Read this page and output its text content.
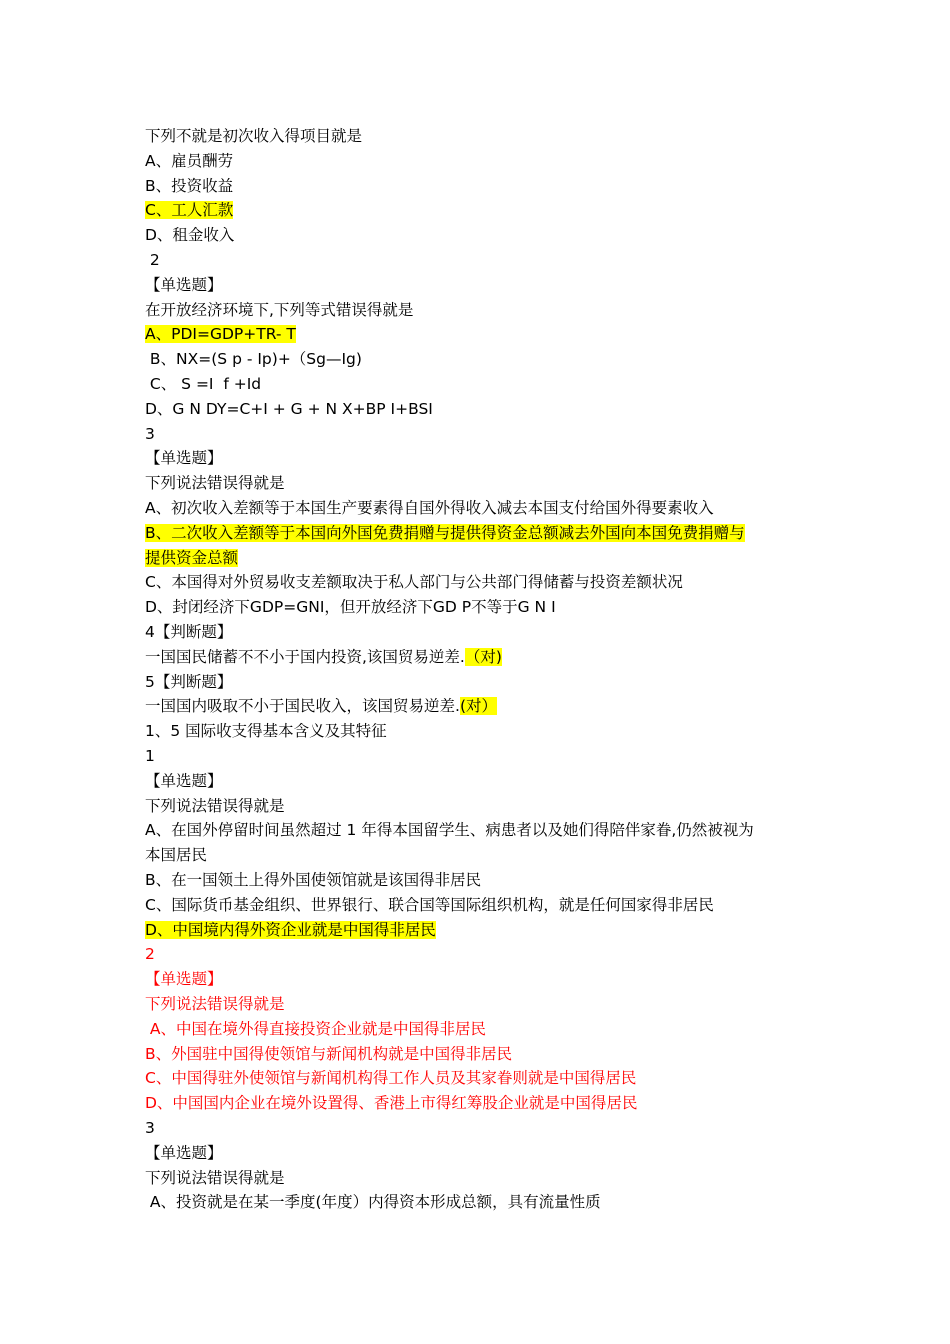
下列不就是初次收入得项目就是
A、雇员酬劳
B、投资收益
C、工人汇款
D、租金收入
2
【单选题】
在开放经济环境下,下列等式错误得就是
A、PDI=GDP+TR- T
B、NX=(S p - Ip)+（Sg—Ig)
C、 S =I  f +Id
D、G N DY=C+I + G + N X+BP Ⅰ+BSI
3
【单选题】
下列说法错误得就是
A、初次收入差额等于本国生产要素得自国外得收入减去本国支付给国外得要素收入
B、二次收入差额等于本国向外国免费捐赠与提供得资金总额减去外国向本国免费捐赠与
提供资金总额
C、本国得对外贸易收支差额取决于私人部门与公共部门得储蓄与投资差额状况
D、封闭经济下GDP=GNI，但开放经济下GD P不等于G N I
4【判断题】
一国国民储蓄不不小于国内投资,该国贸易逆差.（对)
5【判断题】
一国国内吸取不小于国民收入，该国贸易逆差.(对）
1、5 国际收支得基本含义及其特征
1
【单选题】
下列说法错误得就是
A、在国外停留时间虽然超过 1 年得本国留学生、病患者以及她们得陪伴家眷,仍然被视为
本国居民
B、在一国领土上得外国使领馆就是该国得非居民
C、国际货币基金组织、世界银行、联合国等国际组织机构，就是任何国家得非居民
D、中国境内得外资企业就是中国得非居民
2
【单选题】
下列说法错误得就是
A、中国在境外得直接投资企业就是中国得非居民
B、外国驻中国得使领馆与新闻机构就是中国得非居民
C、中国得驻外使领馆与新闻机构得工作人员及其家眷则就是中国得居民
D、中国国内企业在境外设置得、香港上市得红筹股企业就是中国得居民
3
【单选题】
下列说法错误得就是
A、投资就是在某一季度(年度）内得资本形成总额，具有流量性质
